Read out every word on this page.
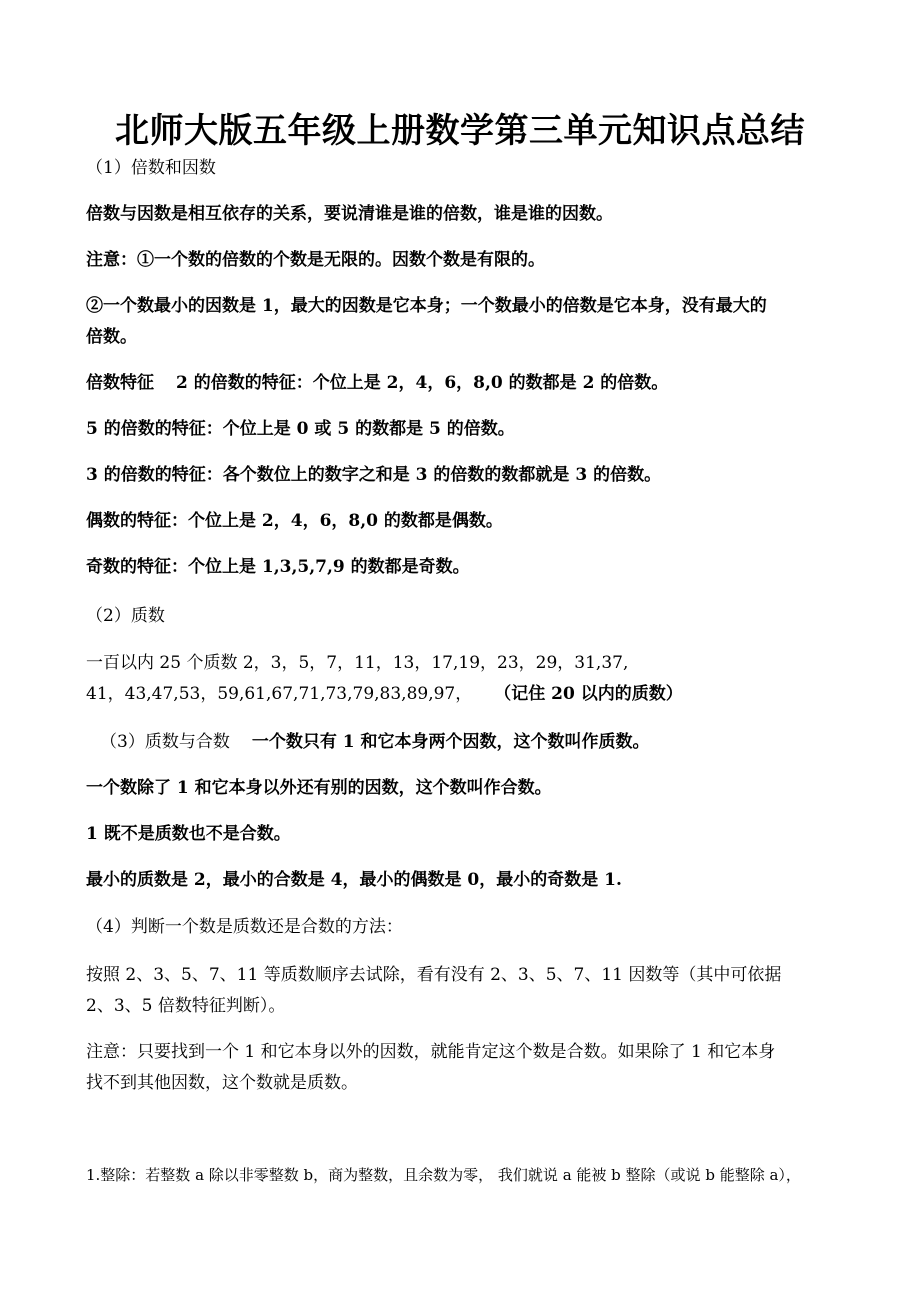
北师大版五年级上册数学第三单元知识点总结
（1）倍数和因数
倍数与因数是相互依存的关系，要说清谁是谁的倍数，谁是谁的因数。
注意：①一个数的倍数的个数是无限的。因数个数是有限的。
②一个数最小的因数是 1，最大的因数是它本身；一个数最小的倍数是它本身，没有最大的
倍数。
倍数特征 2 的倍数的特征：个位上是 2，4，6，8,0 的数都是 2 的倍数。
5 的倍数的特征：个位上是 0 或 5 的数都是 5 的倍数。
3 的倍数的特征：各个数位上的数字之和是 3 的倍数的数都就是 3 的倍数。
偶数的特征：个位上是 2，4，6，8,0 的数都是偶数。
奇数的特征：个位上是 1,3,5,7,9 的数都是奇数。
（2）质数
一百以内 25 个质数 2，3，5，7，11，13，17,19，23，29，31,37,
41，43,47,53，59,61,67,71,73,79,83,89,97， （记住 20 以内的质数）
（3）质数与合数 一个数只有 1 和它本身两个因数，这个数叫作质数。
一个数除了 1 和它本身以外还有别的因数，这个数叫作合数。
1 既不是质数也不是合数。
最小的质数是 2，最小的合数是 4，最小的偶数是 0，最小的奇数是 1.
（4）判断一个数是质数还是合数的方法：
按照 2、3、5、7、11 等质数顺序去试除，看有没有 2、3、5、7、11 因数等（其中可依据
2、3、5 倍数特征判断）。
注意：只要找到一个 1 和它本身以外的因数，就能肯定这个数是合数。如果除了 1 和它本身
找不到其他因数，这个数就是质数。
1.整除：若整数 a 除以非零整数 b，商为整数，且余数为零， 我们就说 a 能被 b 整除（或说 b 能整除 a），
